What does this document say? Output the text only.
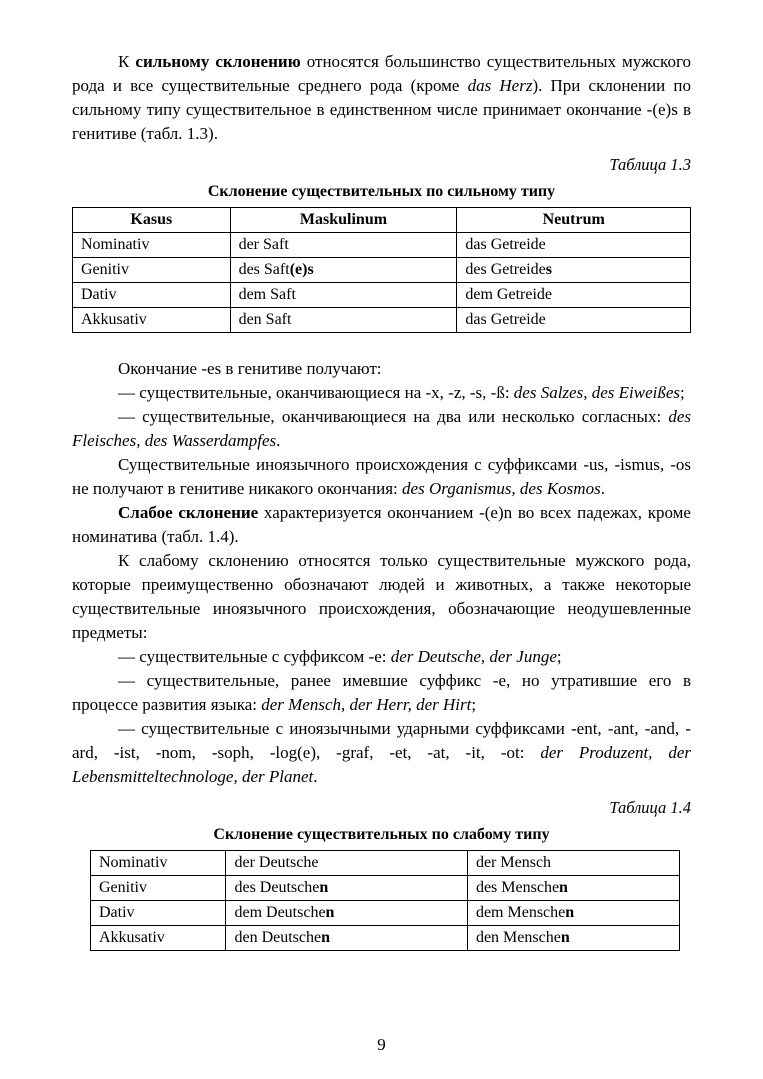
К сильному склонению относятся большинство существительных мужского рода и все существительные среднего рода (кроме das Herz). При склонении по сильному типу существительное в единственном числе принимает окончание -(e)s в генитиве (табл. 1.3).

Таблица 1.3
Склонение существительных по сильному типу
Kasus	Maskulinum	Neutrum
Nominativ	der Saft	das Getreide
Genitiv	des Saft(e)s	des Getreides
Dativ	dem Saft	dem Getreide
Akkusativ	den Saft	das Getreide

Окончание -es в генитиве получают:

— существительные, оканчивающиеся на -x, -z, -s, -ß: des Salzes, des Eiweißes;

— существительные, оканчивающиеся на два или несколько согласных: des Fleisches, des Wasserdampfes.

Существительные иноязычного происхождения с суффиксами -us, -ismus, -os не получают в генитиве никакого окончания: des Organismus, des Kosmos.

Слабое склонение характеризуется окончанием -(e)n во всех падежах, кроме номинатива (табл. 1.4).

К слабому склонению относятся только существительные мужского рода, которые преимущественно обозначают людей и животных, а также некоторые существительные иноязычного происхождения, обозначающие неодушевленные предметы:

— существительные с суффиксом -e: der Deutsche, der Junge;

— существительные, ранее имевшие суффикс -e, но утратившие его в процессе развития языка: der Mensch, der Herr, der Hirt;

— существительные с иноязычными ударными суффиксами -ent, -ant, -and, -ard, -ist, -nom, -soph, -log(e), -graf, -et, -at, -it, -ot: der Produzent, der Lebensmitteltechnologe, der Planet.

Таблица 1.4
Склонение существительных по слабому типу
Nominativ	der Deutsche	der Mensch
Genitiv	des Deutschen	des Menschen
Dativ	dem Deutschen	dem Menschen
Akkusativ	den Deutschen	den Menschen
9
